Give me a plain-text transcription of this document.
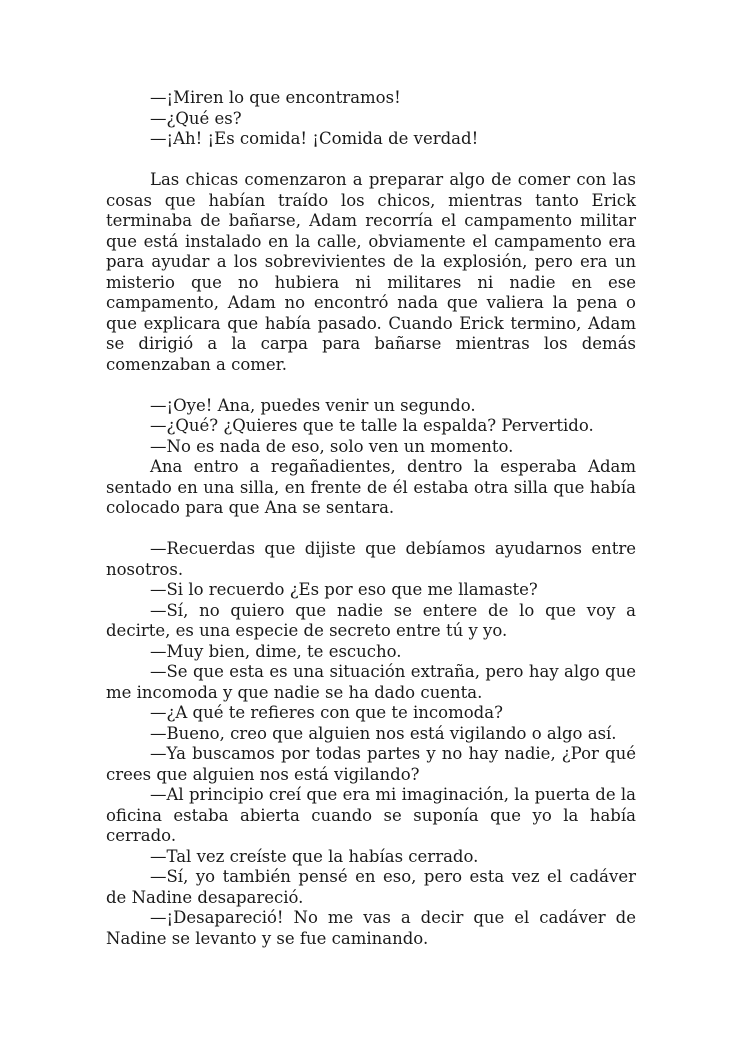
—¡Miren lo que encontramos!

—¿Qué es?

—¡Ah! ¡Es comida! ¡Comida de verdad!

Las chicas comenzaron a preparar algo de comer con las cosas que habían traído los chicos, mientras tanto Erick terminaba de bañarse, Adam recorría el campamento militar que está instalado en la calle, obviamente el campamento era para ayudar a los sobrevivientes de la explosión, pero era un misterio que no hubiera ni militares ni nadie en ese campamento, Adam no encontró nada que valiera la pena o que explicara que había pasado. Cuando Erick termino, Adam se dirigió a la carpa para bañarse mientras los demás comenzaban a comer.

—¡Oye! Ana, puedes venir un segundo.

—¿Qué? ¿Quieres que te talle la espalda? Pervertido.

—No es nada de eso, solo ven un momento.

Ana entro a regañadientes, dentro la esperaba Adam sentado en una silla, en frente de él estaba otra silla que había colocado para que Ana se sentara.

—Recuerdas que dijiste que debíamos ayudarnos entre nosotros.

—Si lo recuerdo ¿Es por eso que me llamaste?

—Sí, no quiero que nadie se entere de lo que voy a decirte, es una especie de secreto entre tú y yo.

—Muy bien, dime, te escucho.

—Se que esta es una situación extraña, pero hay algo que me incomoda y que nadie se ha dado cuenta.

—¿A qué te refieres con que te incomoda?

—Bueno, creo que alguien nos está vigilando o algo así.

—Ya buscamos por todas partes y no hay nadie, ¿Por qué crees que alguien nos está vigilando?

—Al principio creí que era mi imaginación, la puerta de la oficina estaba abierta cuando se suponía que yo la había cerrado.

—Tal vez creíste que la habías cerrado.

—Sí, yo también pensé en eso, pero esta vez el cadáver de Nadine desapareció.

—¡Desapareció! No me vas a decir que el cadáver de Nadine se levanto y se fue caminando.
